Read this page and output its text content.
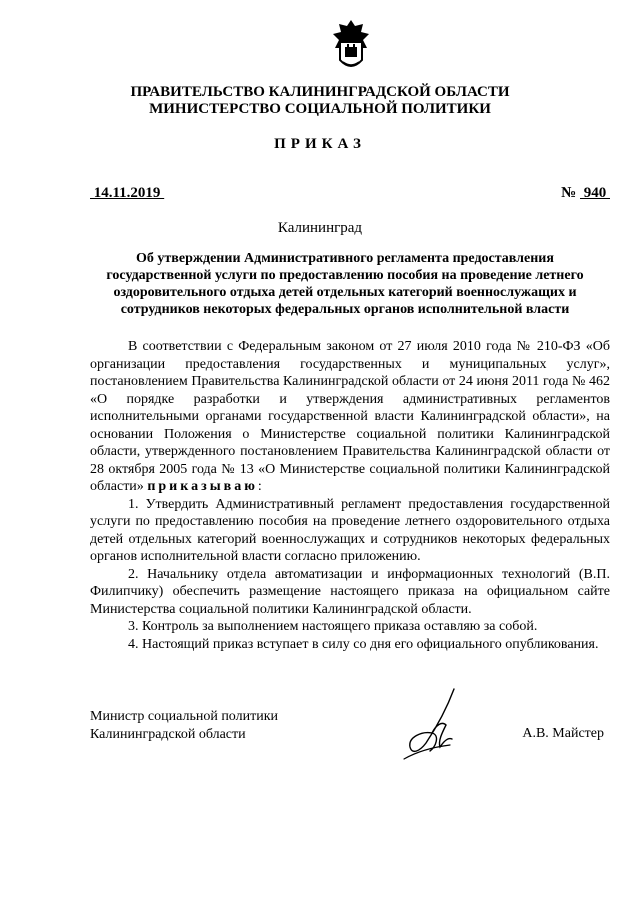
ПРАВИТЕЛЬСТВО КАЛИНИНГРАДСКОЙ ОБЛАСТИ
МИНИСТЕРСТВО СОЦИАЛЬНОЙ ПОЛИТИКИ
ПРИКАЗ
14.11.2019	№  940
Калининград
Об утверждении Административного регламента предоставления государственной услуги по предоставлению пособия на проведение летнего оздоровительного отдыха детей отдельных категорий военнослужащих и сотрудников некоторых федеральных органов исполнительной власти

В соответствии с Федеральным законом от 27 июля 2010 года № 210-ФЗ «Об организации предоставления государственных и муниципальных услуг», постановлением Правительства Калининградской области от 24 июня 2011 года № 462 «О порядке разработки и утверждения административных регламентов исполнительными органами государственной власти Калининградской области», на основании Положения о Министерстве социальной политики Калининградской области, утвержденного постановлением Правительства Калининградской области от 28 октября 2005 года № 13 «О Министерстве социальной политики Калининградской области» приказываю:

1. Утвердить Административный регламент предоставления государственной услуги по предоставлению пособия на проведение летнего оздоровительного отдыха детей отдельных категорий военнослужащих и сотрудников некоторых федеральных органов исполнительной власти согласно приложению.

2. Начальнику отдела автоматизации и информационных технологий (В.П. Филипчику) обеспечить размещение настоящего приказа на официальном сайте Министерства социальной политики Калининградской области.

3. Контроль за выполнением настоящего приказа оставляю за собой.

4. Настоящий приказ вступает в силу со дня его официального опубликования.

Министр социальной политики
Калининградской области	А.В. Майстер
